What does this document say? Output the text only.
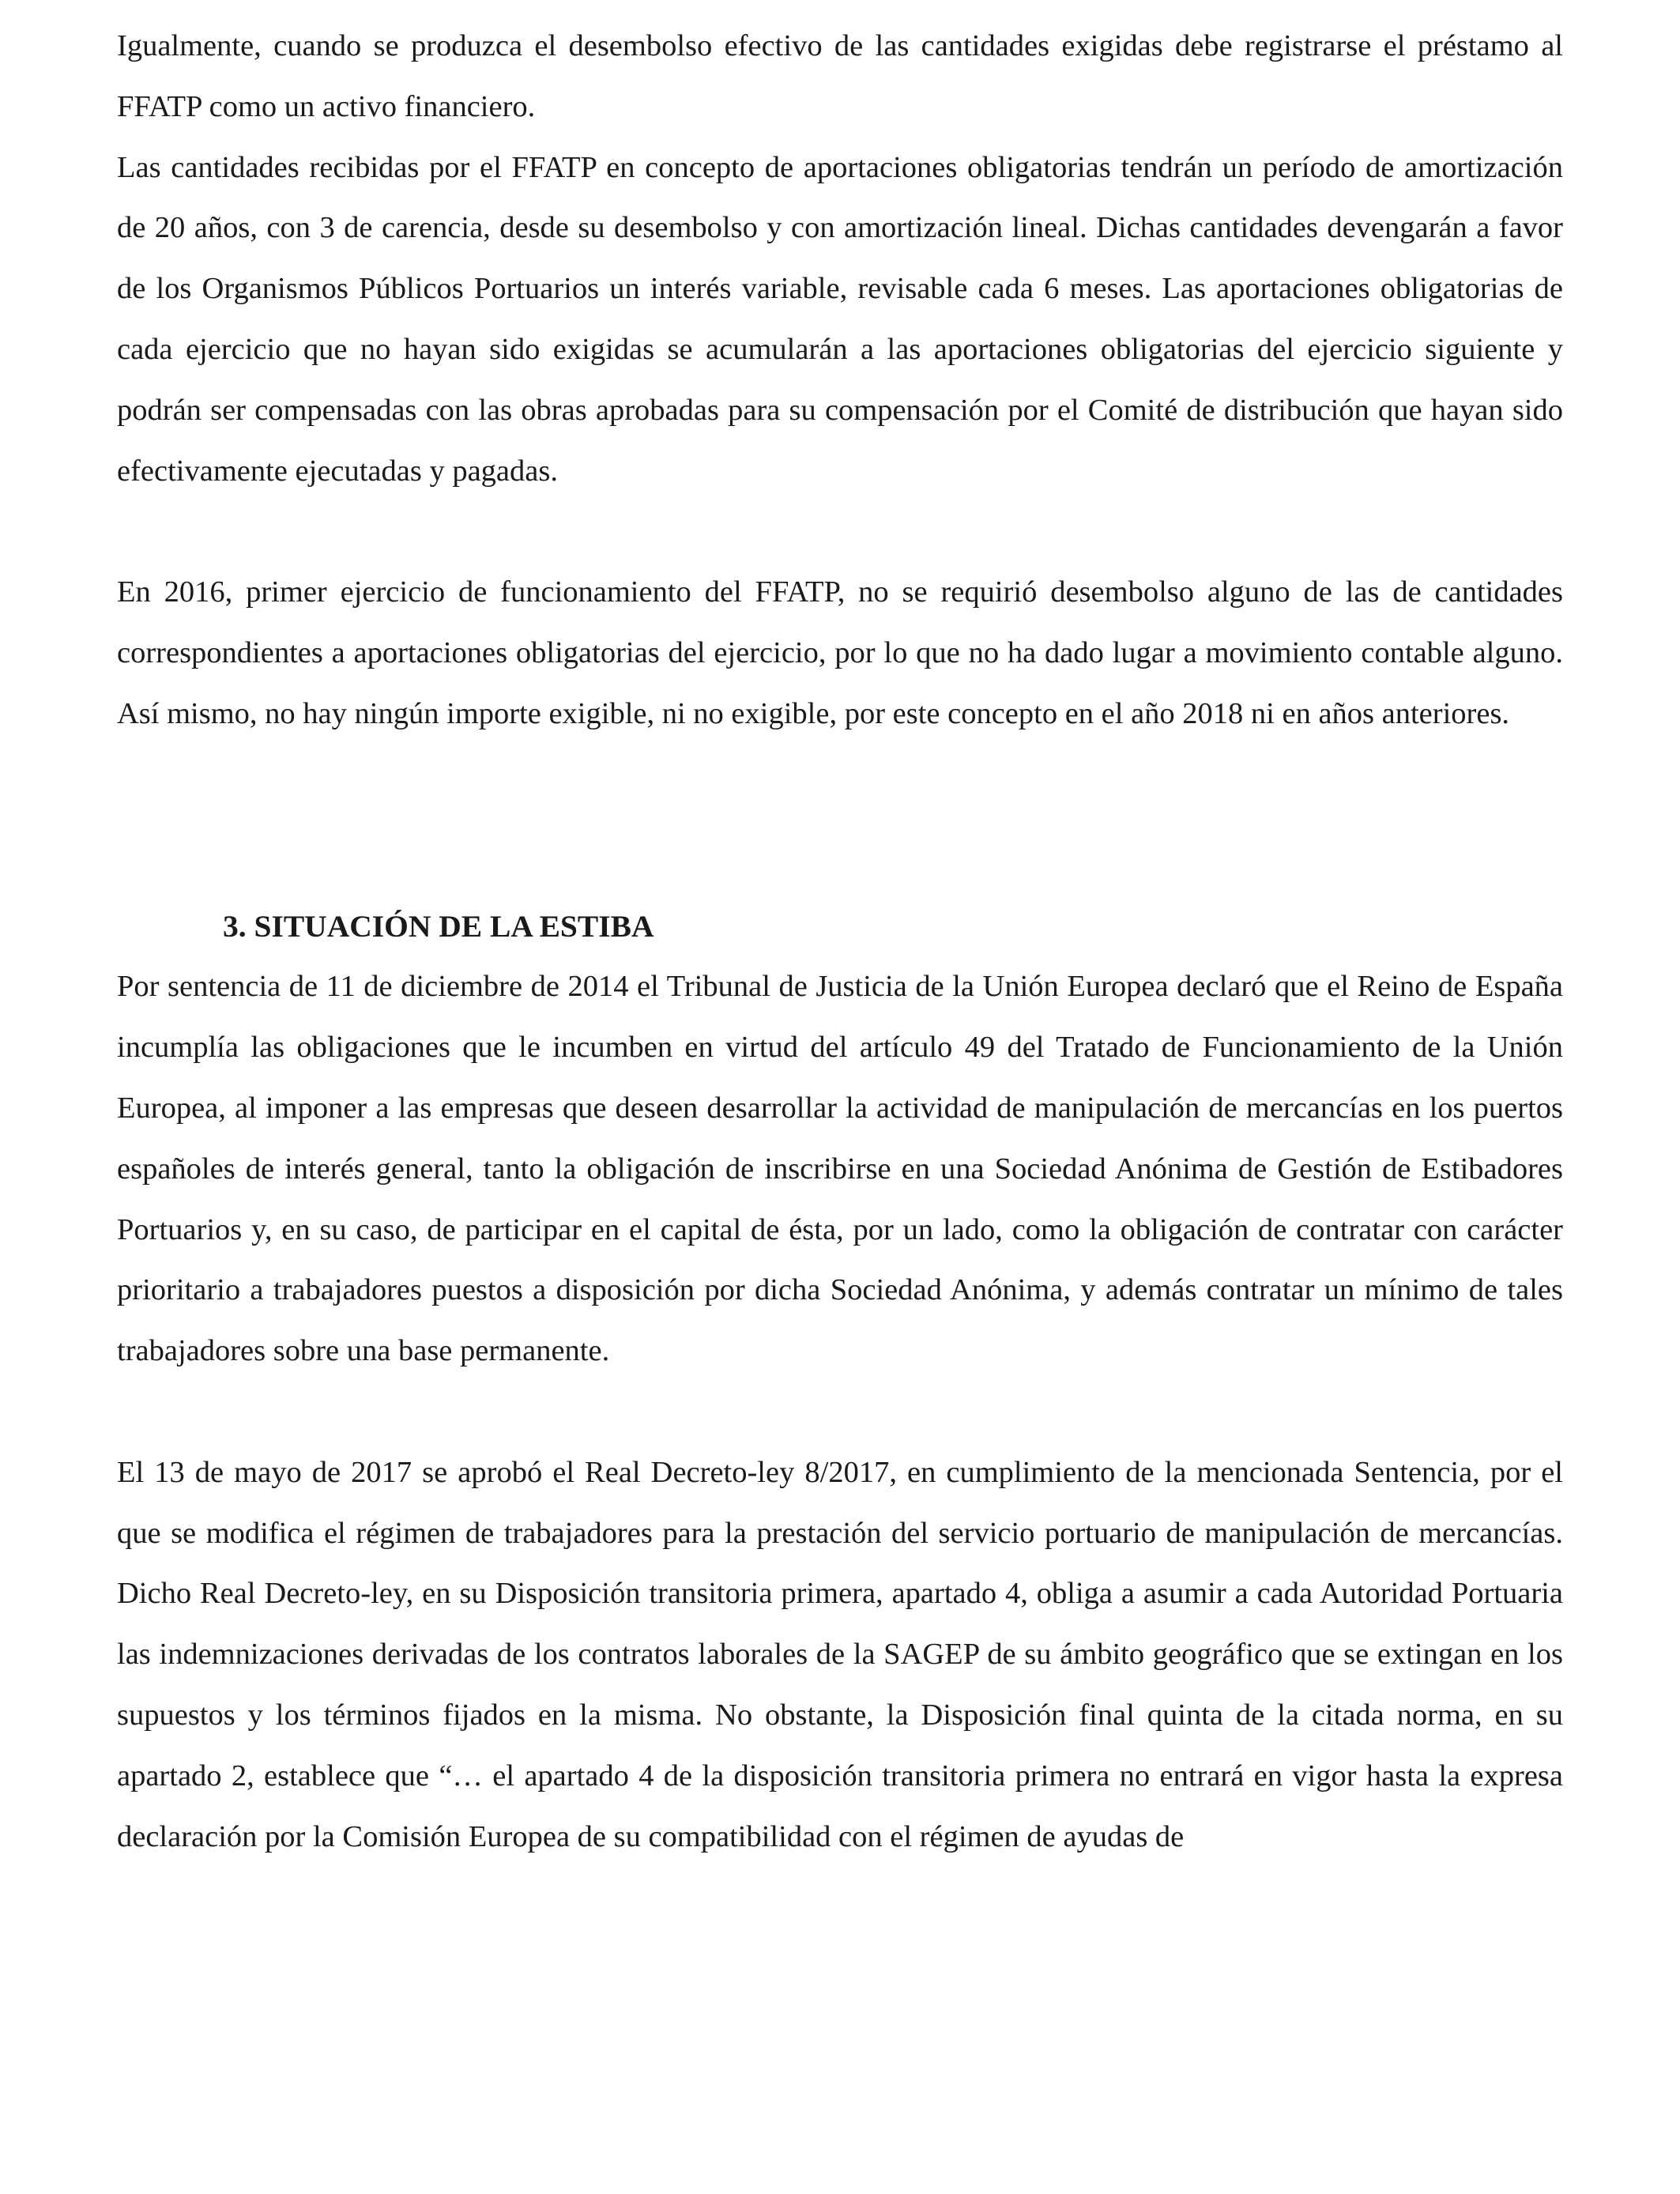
Igualmente, cuando se produzca el desembolso efectivo de las cantidades exigidas debe registrarse el préstamo al FFATP como un activo financiero.

Las cantidades recibidas por el FFATP en concepto de aportaciones obligatorias tendrán un período de amortización de 20 años, con 3 de carencia, desde su desembolso y con amortización lineal. Dichas cantidades devengarán a favor de los Organismos Públicos Portuarios un interés variable, revisable cada 6 meses. Las aportaciones obligatorias de cada ejercicio que no hayan sido exigidas se acumularán a las aportaciones obligatorias del ejercicio siguiente y podrán ser compensadas con las obras aprobadas para su compensación por el Comité de distribución que hayan sido efectivamente ejecutadas y pagadas.

En 2016, primer ejercicio de funcionamiento del FFATP, no se requirió desembolso alguno de las de cantidades correspondientes a aportaciones obligatorias del ejercicio, por lo que no ha dado lugar a movimiento contable alguno. Así mismo, no hay ningún importe exigible, ni no exigible, por este concepto en el año 2018 ni en años anteriores.

3. SITUACIÓN DE LA ESTIBA

Por sentencia de 11 de diciembre de 2014 el Tribunal de Justicia de la Unión Europea declaró que el Reino de España incumplía las obligaciones que le incumben en virtud del artículo 49 del Tratado de Funcionamiento de la Unión Europea, al imponer a las empresas que deseen desarrollar la actividad de manipulación de mercancías en los puertos españoles de interés general, tanto la obligación de inscribirse en una Sociedad Anónima de Gestión de Estibadores Portuarios y, en su caso, de participar en el capital de ésta, por un lado, como la obligación de contratar con carácter prioritario a trabajadores puestos a disposición por dicha Sociedad Anónima, y además contratar un mínimo de tales trabajadores sobre una base permanente.

El 13 de mayo de 2017 se aprobó el Real Decreto-ley 8/2017, en cumplimiento de la mencionada Sentencia, por el que se modifica el régimen de trabajadores para la prestación del servicio portuario de manipulación de mercancías. Dicho Real Decreto-ley, en su Disposición transitoria primera, apartado 4, obliga a asumir a cada Autoridad Portuaria las indemnizaciones derivadas de los contratos laborales de la SAGEP de su ámbito geográfico que se extingan en los supuestos y los términos fijados en la misma. No obstante, la Disposición final quinta de la citada norma, en su apartado 2, establece que “… el apartado 4 de la disposición transitoria primera no entrará en vigor hasta la expresa declaración por la Comisión Europea de su compatibilidad con el régimen de ayudas de
